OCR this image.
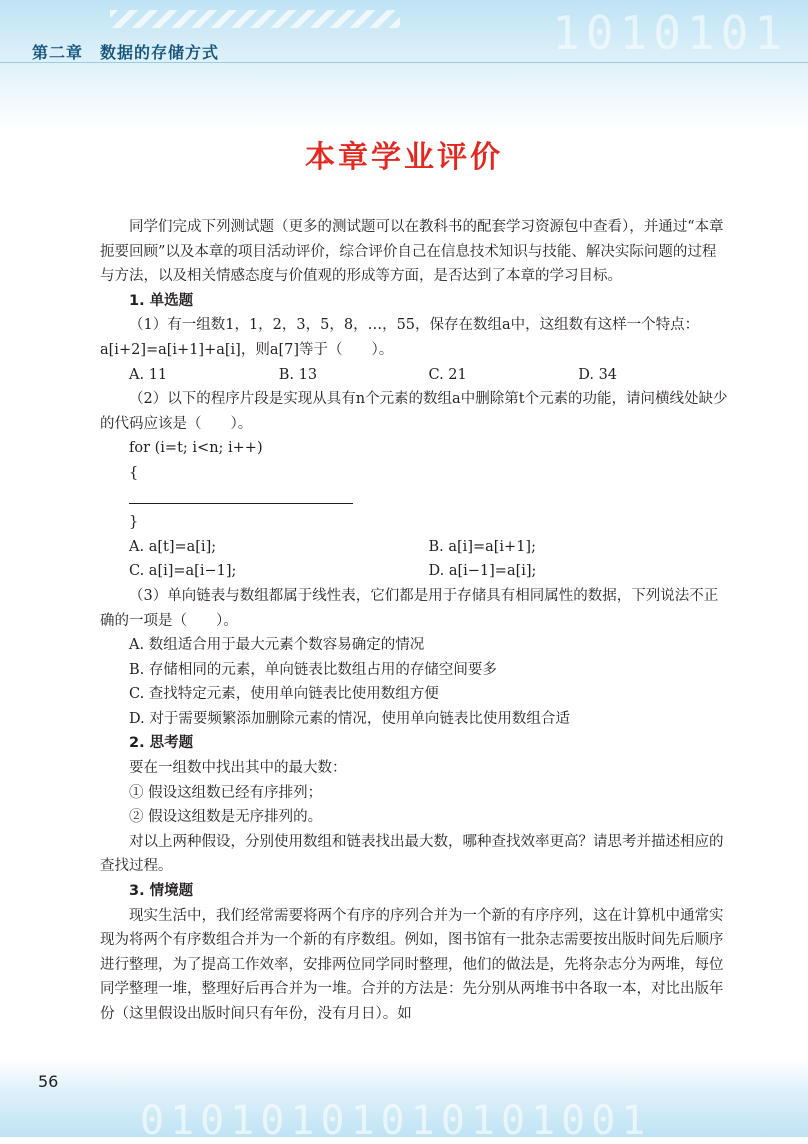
1010101
第二章　数据的存储方式
本章学业评价

同学们完成下列测试题（更多的测试题可以在教科书的配套学习资源包中查看），并通过“本章扼要回顾”以及本章的项目活动评价，综合评价自己在信息技术知识与技能、解决实际问题的过程与方法，以及相关情感态度与价值观的形成等方面，是否达到了本章的学习目标。

1. 单选题

（1）有一组数1，1，2，3，5，8，…，55，保存在数组a中，这组数有这样一个特点：a[i+2]=a[i+1]+a[i]，则a[7]等于（　　）。

A. 11	B. 13	C. 21	D. 34

（2）以下的程序片段是实现从具有n个元素的数组a中删除第t个元素的功能，请问横线处缺少的代码应该是（　　）。

for (i=t; i<n; i++)

{

}

A. a[t]=a[i];	B. a[i]=a[i+1];
C. a[i]=a[i−1];	D. a[i−1]=a[i];

（3）单向链表与数组都属于线性表，它们都是用于存储具有相同属性的数据，下列说法不正确的一项是（　　）。

A. 数组适合用于最大元素个数容易确定的情况

B. 存储相同的元素，单向链表比数组占用的存储空间要多

C. 查找特定元素，使用单向链表比使用数组方便

D. 对于需要频繁添加删除元素的情况，使用单向链表比使用数组合适

2. 思考题

要在一组数中找出其中的最大数：

① 假设这组数已经有序排列；

② 假设这组数是无序排列的。

对以上两种假设，分别使用数组和链表找出最大数，哪种查找效率更高？请思考并描述相应的查找过程。

3. 情境题

现实生活中，我们经常需要将两个有序的序列合并为一个新的有序序列，这在计算机中通常实现为将两个有序数组合并为一个新的有序数组。例如，图书馆有一批杂志需要按出版时间先后顺序进行整理，为了提高工作效率，安排两位同学同时整理，他们的做法是，先将杂志分为两堆，每位同学整理一堆，整理好后再合并为一堆。合并的方法是：先分别从两堆书中各取一本，对比出版年份（这里假设出版时间只有年份，没有月日）。如

01010101010101001
56
